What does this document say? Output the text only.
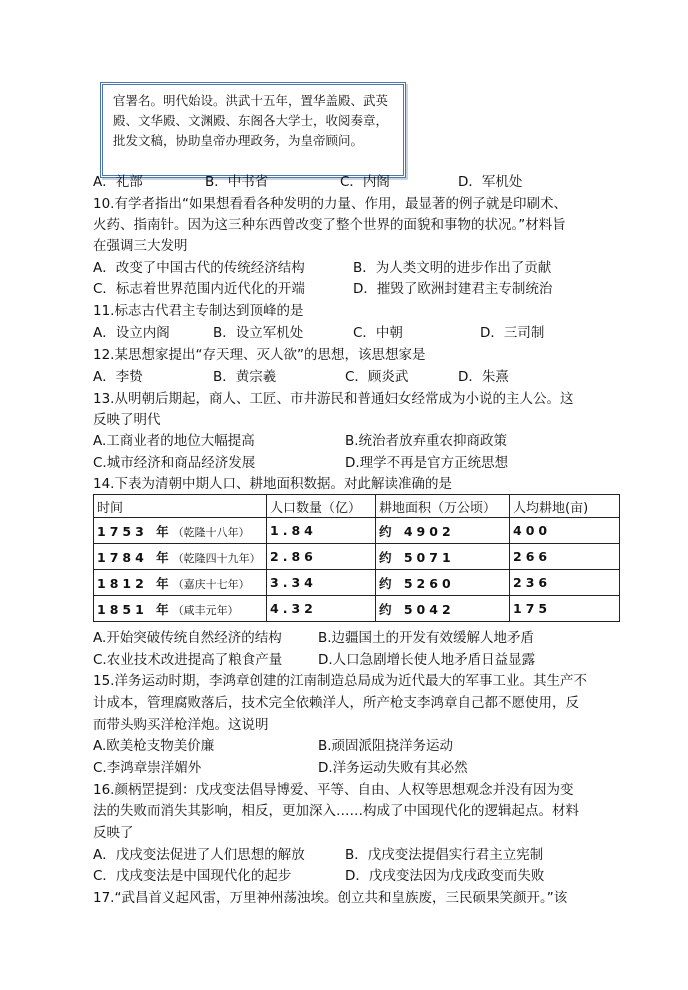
官署名。明代始设。洪武十五年，置华盖殿、武英殿、文华殿、文渊殿、东阁各大学士，收阅奏章，批发文稿，协助皇帝办理政务，为皇帝顾问。
A．礼部	B．中书省	C．内阁	D．军机处
10.有学者指出“如果想看看各种发明的力量、作用，最显著的例子就是印刷术、
火药、指南针。因为这三种东西曾改变了整个世界的面貌和事物的状况。”材料旨
在强调三大发明
A．改变了中国古代的传统经济结构	B．为人类文明的进步作出了贡献
C．标志着世界范围内近代化的开端	D．摧毁了欧洲封建君主专制统治
11.标志古代君主专制达到顶峰的是
A．设立内阁	B．设立军机处	C．中朝	D．三司制
12.某思想家提出“存天理、灭人欲”的思想，该思想家是
A．李贽	B．黄宗羲	C．顾炎武	D．朱熹
13.从明朝后期起，商人、工匠、市井游民和普通妇女经常成为小说的主人公。这
反映了明代
A.工商业者的地位大幅提高	B.统治者放弃重农抑商政策
C.城市经济和商品经济发展	D.理学不再是官方正统思想
14.下表为清朝中期人口、耕地面积数据。对此解读准确的是
时间	人口数量（亿）	耕地面积（万公顷）	人均耕地(亩)
1753 年（乾隆十八年）	1.84	约 4902	400
1784 年（乾隆四十九年）	2.86	约 5071	266
1812 年（嘉庆十七年）	3.34	约 5260	236
1851 年（咸丰元年）	4.32	约 5042	175
A.开始突破传统自然经济的结构	B.边疆国土的开发有效缓解人地矛盾
C.农业技术改进提高了粮食产量	D.人口急剧增长使人地矛盾日益显露
15.洋务运动时期，李鸿章创建的江南制造总局成为近代最大的军事工业。其生产不
计成本，管理腐败落后，技术完全依赖洋人，所产枪支李鸿章自己都不愿使用，反
而带头购买洋枪洋炮。这说明
A.欧美枪支物美价廉	B.顽固派阻挠洋务运动
C.李鸿章崇洋媚外	D.洋务运动失败有其必然
16.颜柄罡提到：戊戌变法倡导博爱、平等、自由、人权等思想观念并没有因为变
法的失败而消失其影响，相反，更加深入……构成了中国现代化的逻辑起点。材料
反映了
A．戊戌变法促进了人们思想的解放	B．戊戌变法提倡实行君主立宪制
C．戊戌变法是中国现代化的起步	D．戊戌变法因为戊戌政变而失败
17.“武昌首义起风雷，万里神州荡浊埃。创立共和皇族废，三民硕果笑颜开。”该
